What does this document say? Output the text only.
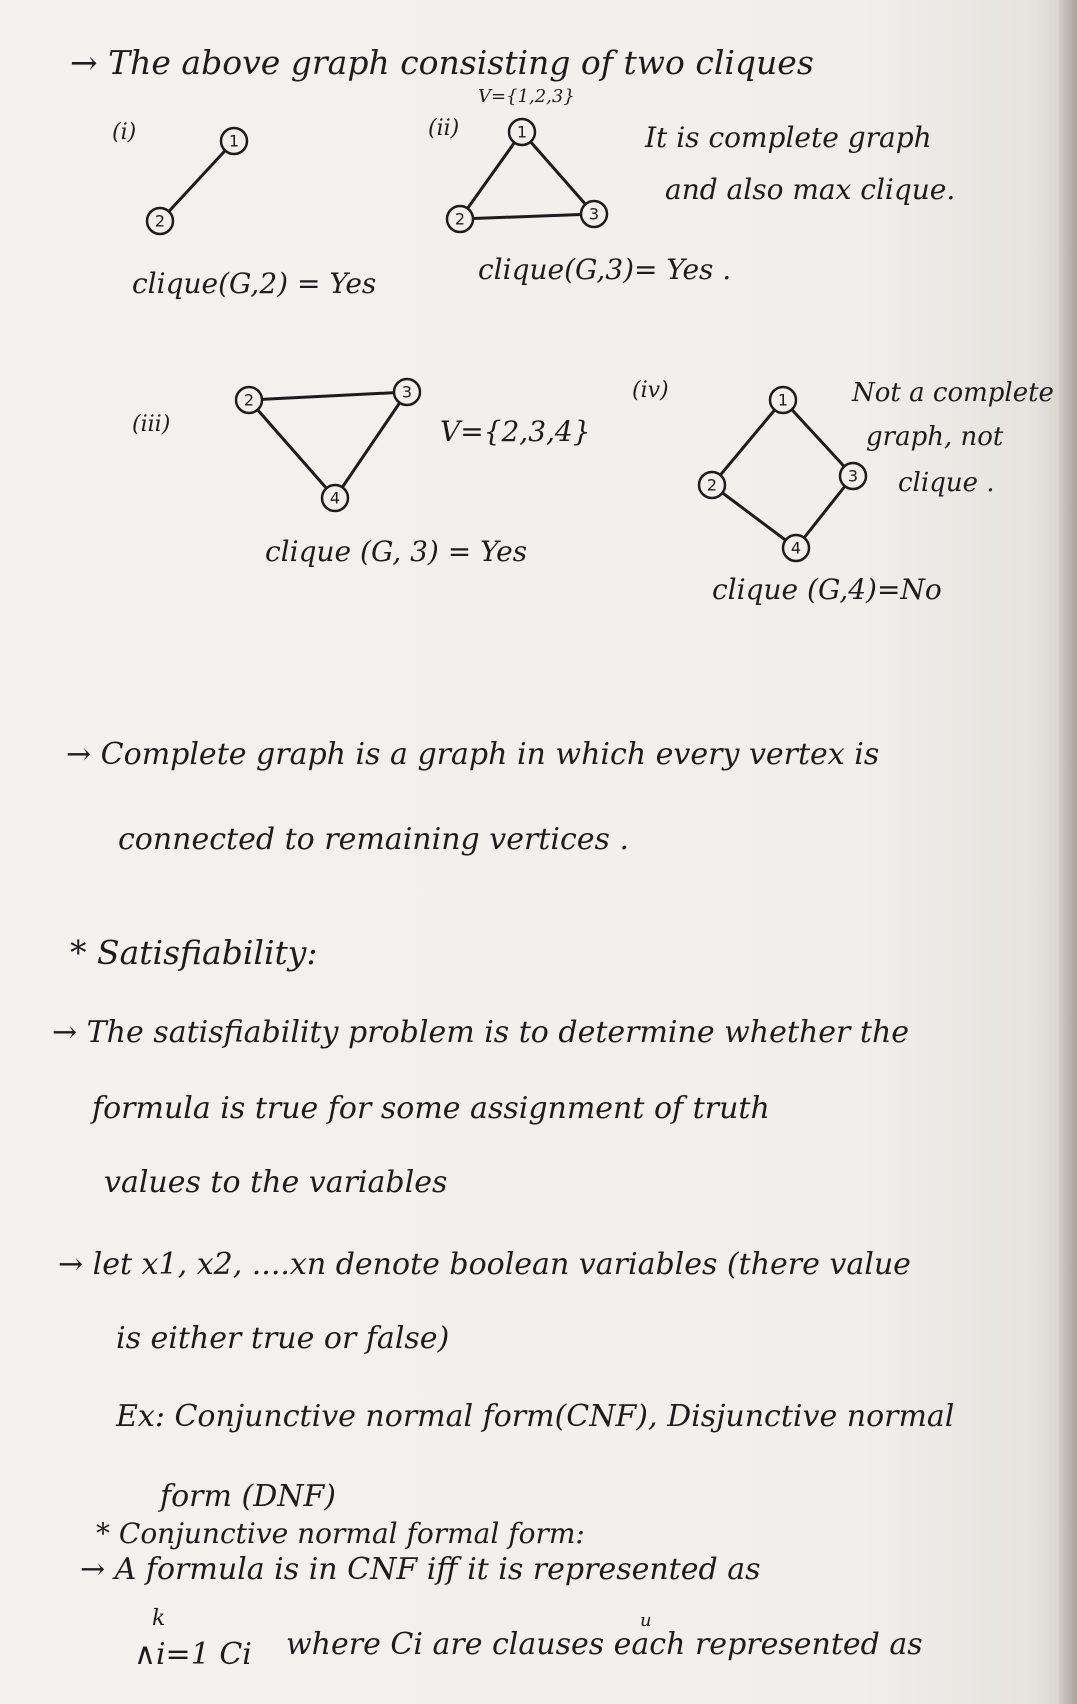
→ The above graph consisting of two cliques
(i)	1
2
clique(G,2) = Yes
(ii)
V={1,2,3}
1
2	3
It is complete graph
and also max clique.
clique(G,3)= Yes .
(iii)
2	3
4
V={2,3,4}
clique (G, 3) = Yes
(iv)	1
2	3
4
Not a complete
graph, not
clique .
clique (G,4)=No
→ Complete graph is a graph in which every vertex is
connected to remaining vertices .
* Satisfiability:
→ The satisfiability problem is to determine whether the
formula is true for some assignment of truth
values to the variables
→ let x1, x2, ....xn denote boolean variables (there value
is either true or false)
Ex: Conjunctive normal form(CNF), Disjunctive normal
form (DNF)
* Conjunctive normal formal form:
→ A formula is in CNF iff it is represented as
k
∧i=1 Ci where Ci are clauses each represented as
u
